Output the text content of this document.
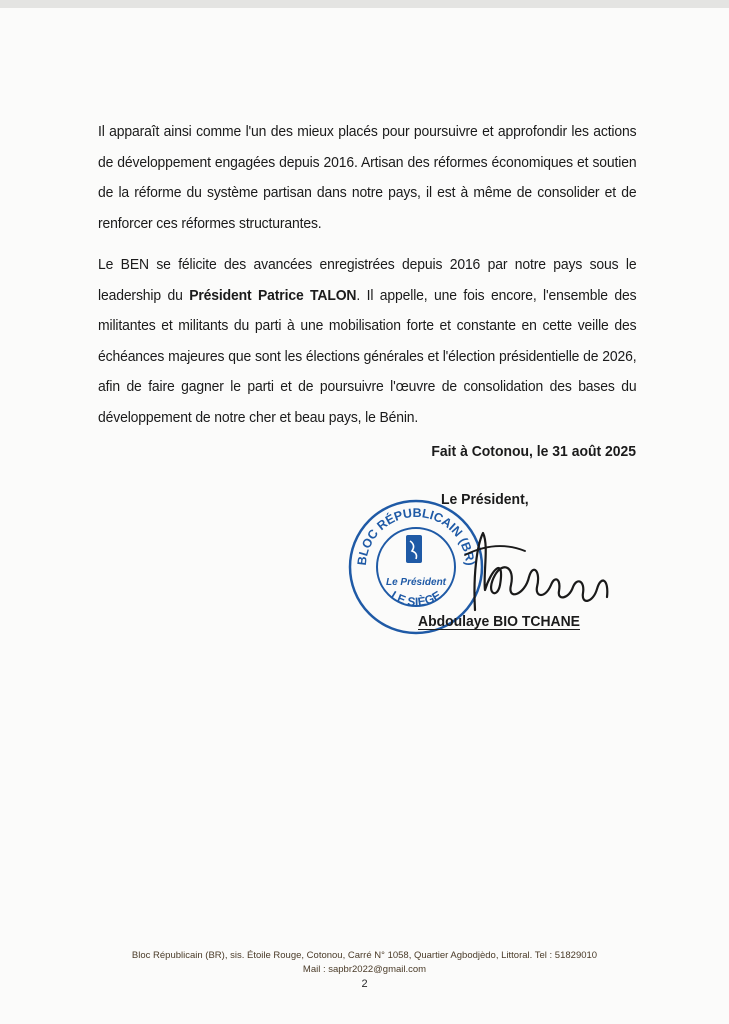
Il apparaît ainsi comme l'un des mieux placés pour poursuivre et approfondir les actions de développement engagées depuis 2016. Artisan des réformes économiques et soutien de la réforme du système partisan dans notre pays, il est à même de consolider et de renforcer ces réformes structurantes.

Le BEN se félicite des avancées enregistrées depuis 2016 par notre pays sous le leadership du Président Patrice TALON. Il appelle, une fois encore, l'ensemble des militantes et militants du parti à une mobilisation forte et constante en cette veille des échéances majeures que sont les élections générales et l'élection présidentielle de 2026, afin de faire gagner le parti et de poursuivre l'œuvre de consolidation des bases du développement de notre cher et beau pays, le Bénin.

Fait à Cotonou, le 31 août 2025
BLOC RÉPUBLICAIN (BR)
LE SIÈGE
Le Président
Le Président,
Abdoulaye BIO TCHANE
Bloc Républicain (BR), sis. Étoile Rouge, Cotonou, Carré N° 1058, Quartier Agbodjèdo, Littoral. Tel : 51829010
Mail : sapbr2022@gmail.com
2
